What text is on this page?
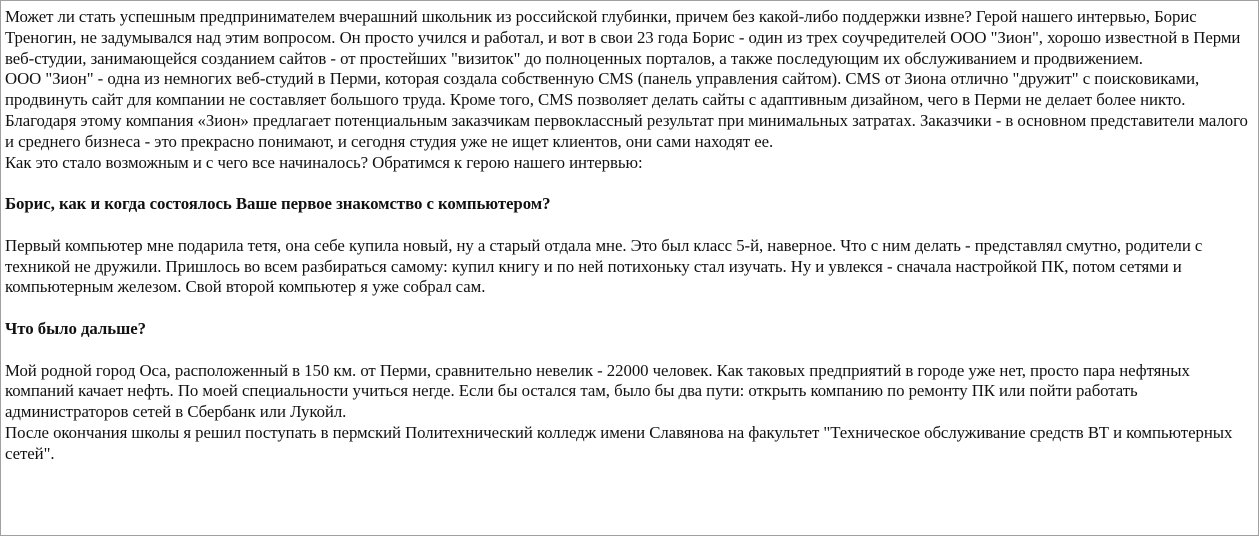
Может ли стать успешным предпринимателем вчерашний школьник из российской глубинки, причем без какой-либо поддержки извне? Герой нашего интервью, Борис Треногин, не задумывался над этим вопросом. Он просто учился и работал, и вот в свои 23 года Борис - один из трех соучредителей ООО "Зион", хорошо известной в Перми веб-студии, занимающейся созданием сайтов - от простейших "визиток" до полноценных порталов, а также последующим их обслуживанием и продвижением.

ООО "Зион" - одна из немногих веб-студий в Перми, которая создала собственную CMS (панель управления сайтом). CMS от Зиона отлично "дружит" с поисковиками, продвинуть сайт для компании не составляет большого труда. Кроме того, CMS позволяет делать сайты с адаптивным дизайном, чего в Перми не делает более никто. Благодаря этому компания «Зион» предлагает потенциальным заказчикам первоклассный результат при минимальных затратах. Заказчики - в основном представители малого и среднего бизнеса - это прекрасно понимают, и сегодня студия уже не ищет клиентов, они сами находят ее.

Как это стало возможным и с чего все начиналось? Обратимся к герою нашего интервью:

Борис, как и когда состоялось Ваше первое знакомство с компьютером?

Первый компьютер мне подарила тетя, она себе купила новый, ну а старый отдала мне. Это был класс 5-й, наверное. Что с ним делать - представлял смутно, родители с техникой не дружили. Пришлось во всем разбираться самому: купил книгу и по ней потихоньку стал изучать. Ну и увлекся - сначала настройкой ПК, потом сетями и компьютерным железом. Свой второй компьютер я уже собрал сам.

Что было дальше?

Мой родной город Оса, расположенный в 150 км. от Перми, сравнительно невелик - 22000 человек. Как таковых предприятий в городе уже нет, просто пара нефтяных компаний качает нефть. По моей специальности учиться негде. Если бы остался там, было бы два пути: открыть компанию по ремонту ПК или пойти работать администраторов сетей в Сбербанк или Лукойл.

После окончания школы я решил поступать в пермский Политехнический колледж имени Славянова на факультет "Техническое обслуживание средств ВТ и компьютерных сетей".
